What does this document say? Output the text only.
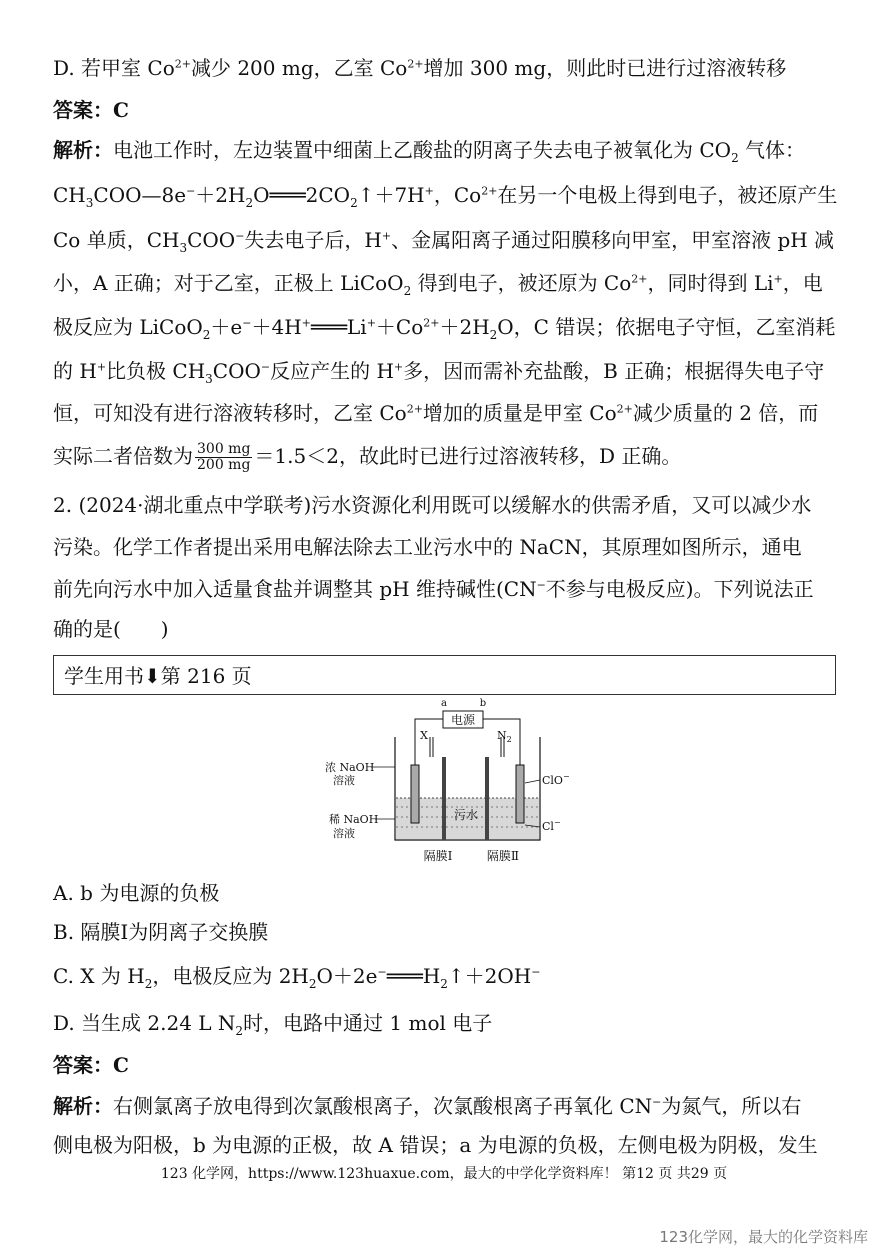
D. 若甲室 $Co^{2+}$减少 200 mg，乙室 $Co^{2+}$增加 300 mg，则此时已进行过溶液转移
答案：C
解析：电池工作时，左边装置中细菌上乙酸盐的阴离子失去电子被氧化为 $CO_2$ 气体：
$CH_3COO—8e^-+2H_2O═══2CO_2↑+7H^+$，$Co^{2+}$在另一个电极上得到电子，被还原产生
Co 单质，$CH_3COO^-$失去电子后，H+、金属阳离子通过阳膜移向甲室，甲室溶液 pH 减
小，A 正确；对于乙室，正极上 LiCoO$_2$ 得到电子，被还原为 $Co^{2+}$，同时得到 Li+，电
极反应为 $LiCoO_2+e^-+4H^+═══Li^++Co^{2+}+2H_2O$，C 错误；依据电子守恒，乙室消耗
的 H+比负极 $CH_3COO^-$反应产生的 H+多，因而需补充盐酸，B 正确；根据得失电子守
恒，可知没有进行溶液转移时，乙室 $Co^{2+}$增加的质量是甲室 $Co^{2+}$减少质量的 2 倍，而
实际二者倍数为 $\frac{300 mg}{200 mg} =1.5<2$，故此时已进行过溶液转移，D 正确。
2. (2024·湖北重点中学联考)污水资源化利用既可以缓解水的供需矛盾，又可以减少水
污染。化学工作者提出采用电解法除去工业污水中的 NaCN，其原理如图所示，通电
前先向污水中加入适量食盐并调整其 pH 维持碱性(CN−不参与电极反应)。下列说法正
确的是(　　)
学生用书⬇第 216 页
电源
a	b
X	$N_2$
浓 NaOH
溶液
稀 NaOH
溶液
污水
ClO−
Cl−
隔膜Ⅰ	隔膜Ⅱ
A. b 为电源的负极
B. 隔膜Ⅰ为阴离子交换膜
C. X 为 $H_2$，电极反应为 $2H_2O+2e^-═══H_2↑+2OH^-$
D. 当生成 2.24 L $N_2$时，电路中通过 1 mol 电子
答案：C
解析：右侧氯离子放电得到次氯酸根离子，次氯酸根离子再氧化 CN−为氮气，所以右
侧电极为阳极，b 为电源的正极，故 A 错误；a 为电源的负极，左侧电极为阴极，发生
123 化学网，https://www.123huaxue.com，最大的中学化学资料库！ 第12 页 共29 页
123化学网，最大的化学资料库
